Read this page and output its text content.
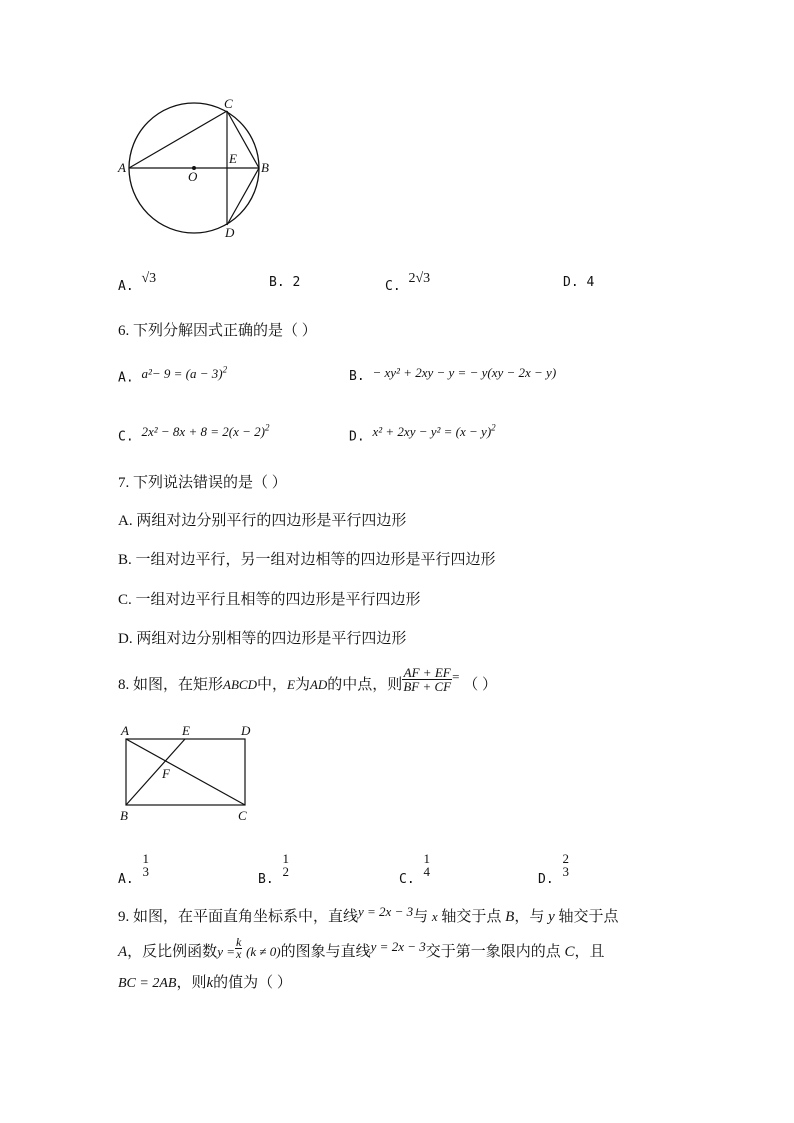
A	B
C
D
E
O
A. √3	B. 2	C. 2√3	D. 4
6. 下列分解因式正确的是（ ）
A. $a^2- 9 = (a - 3)^2$	B. − xy² + 2xy − y = − y(xy − 2x − y)
C. $2x^2 - 8x + 8 = 2(x - 2)^2$
D. $x^2 + 2xy - y^2 = (x - y)^2$
7. 下列说法错误的是（ ）
A. 两组对边分别平行的四边形是平行四边形
B. 一组对边平行，另一组对边相等的四边形是平行四边形
C. 一组对边平行且相等的四边形是平行四边形
D. 两组对边分别相等的四边形是平行四边形
8. 如图，在矩形ABCD中，E为AD的中点，则 $\frac{AF + EF}{BF + CF}$ = （ ）
A	E	D
F
B	C
A.
1
3	B.
1
2	C.
1
4	D.
2
3
9. 如图，在平面直角坐标系中，直线y = 2x − 3与 x 轴交于点 B，与 y 轴交于点
A，反比例函数$y = \frac{k}{x} (k \ne 0)$的图象与直线y = 2x − 3交于第一象限内的点 C，且
BC = 2AB，则k的值为（ ）
